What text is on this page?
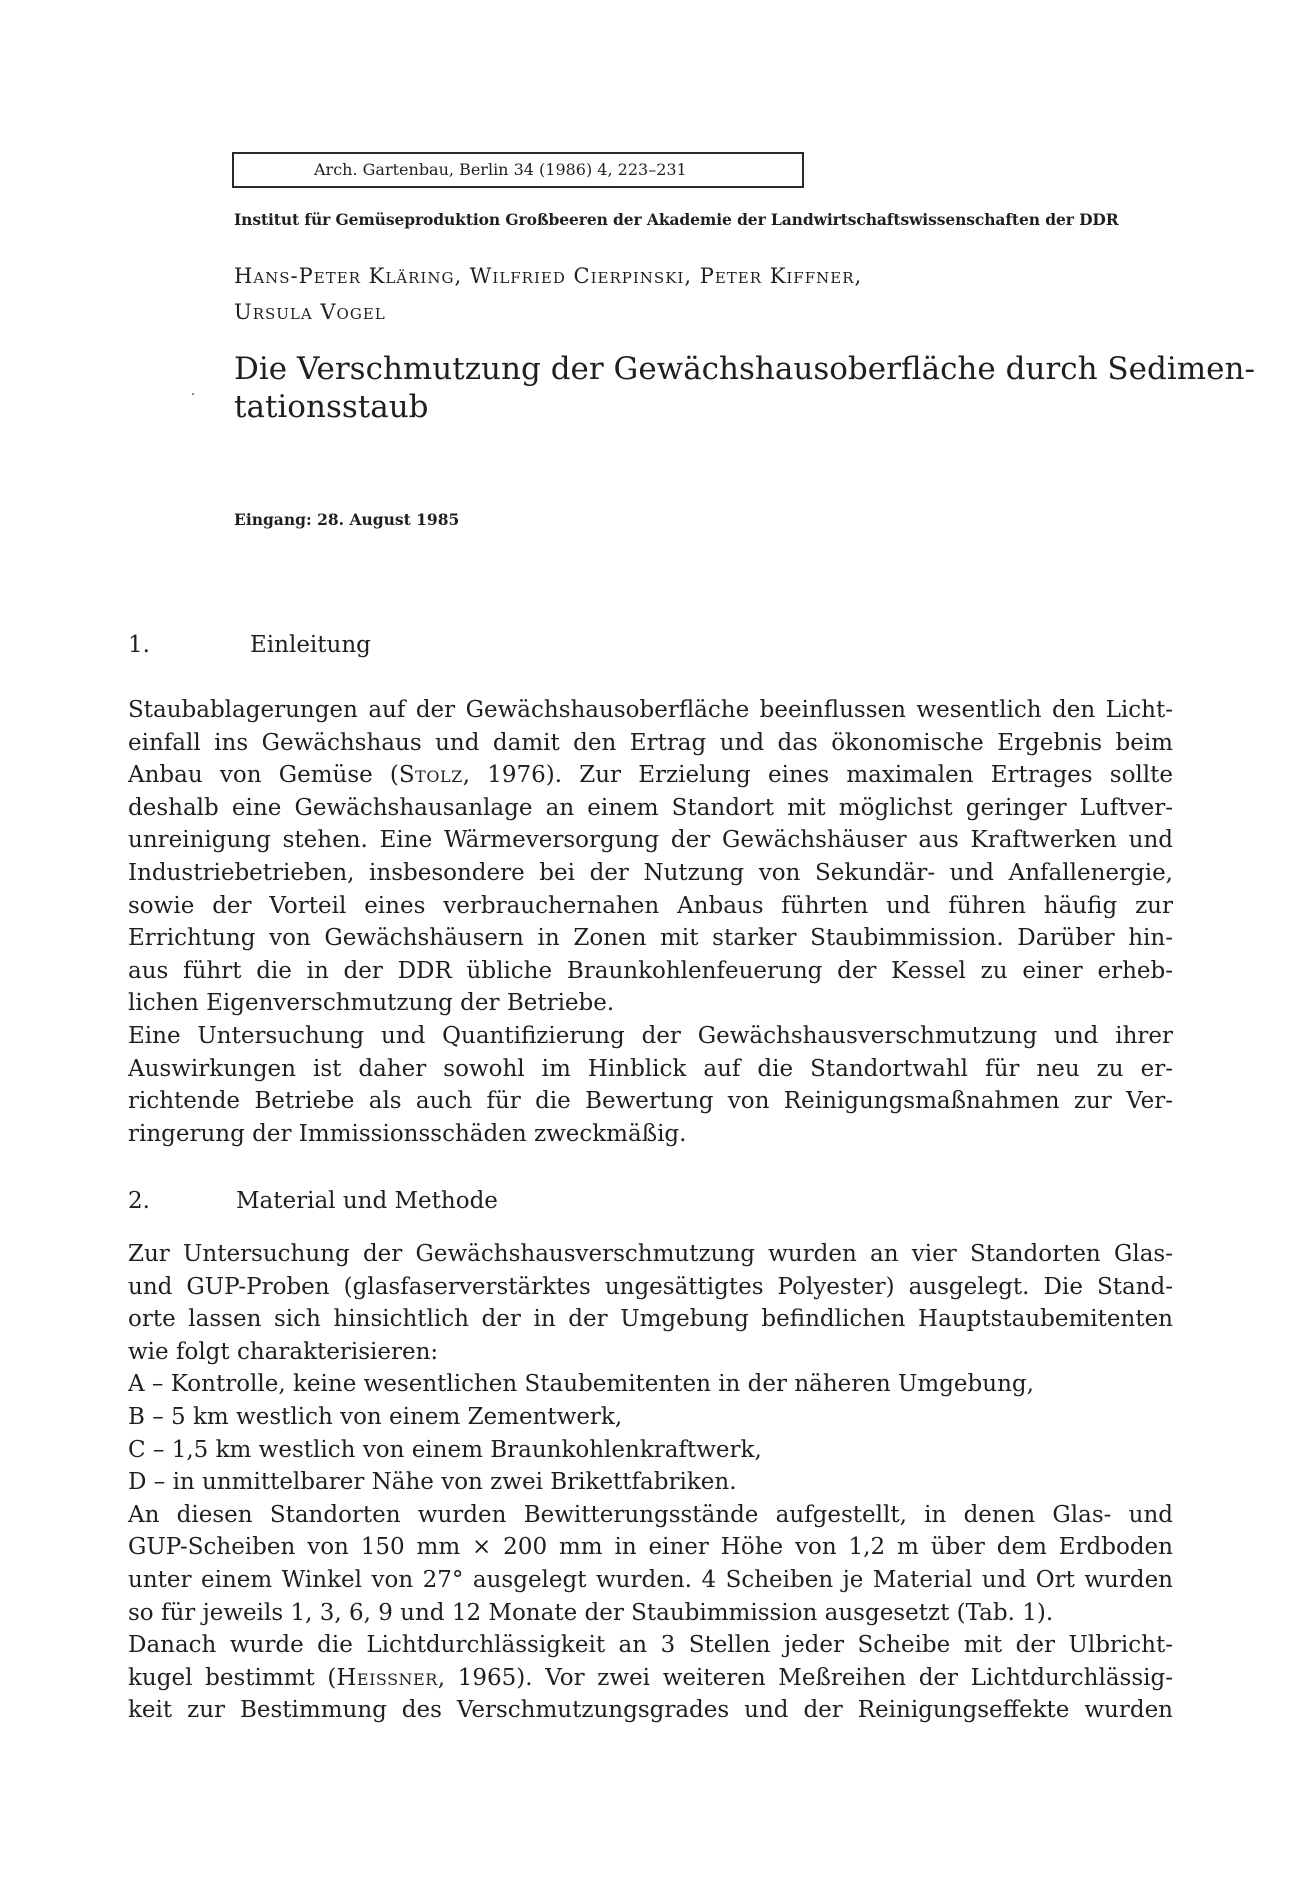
Arch. Gartenbau, Berlin 34 (1986) 4, 223–231
Institut für Gemüseproduktion Großbeeren der Akademie der Landwirtschaftswissenschaften der DDR
Hans-Peter Kläring, Wilfried Cierpinski, Peter Kiffner,
Ursula Vogel
Die Verschmutzung der Gewächshausoberfläche durch Sedimen-
tationsstaub
Eingang: 28. August 1985
1.	Einleitung
Staubablagerungen auf der Gewächshausoberfläche beeinflussen wesentlich den Licht-
einfall ins Gewächshaus und damit den Ertrag und das ökonomische Ergebnis beim
Anbau von Gemüse (Stolz, 1976). Zur Erzielung eines maximalen Ertrages sollte
deshalb eine Gewächshausanlage an einem Standort mit möglichst geringer Luftver-
unreinigung stehen. Eine Wärmeversorgung der Gewächshäuser aus Kraftwerken und
Industriebetrieben, insbesondere bei der Nutzung von Sekundär- und Anfallenergie,
sowie der Vorteil eines verbrauchernahen Anbaus führten und führen häufig zur
Errichtung von Gewächshäusern in Zonen mit starker Staubimmission. Darüber hin-
aus führt die in der DDR übliche Braunkohlenfeuerung der Kessel zu einer erheb-
lichen Eigenverschmutzung der Betriebe.
Eine Untersuchung und Quantifizierung der Gewächshausverschmutzung und ihrer
Auswirkungen ist daher sowohl im Hinblick auf die Standortwahl für neu zu er-
richtende Betriebe als auch für die Bewertung von Reinigungsmaßnahmen zur Ver-
ringerung der Immissionsschäden zweckmäßig.
2.	Material und Methode
Zur Untersuchung der Gewächshausverschmutzung wurden an vier Standorten Glas-
und GUP-Proben (glasfaserverstärktes ungesättigtes Polyester) ausgelegt. Die Stand-
orte lassen sich hinsichtlich der in der Umgebung befindlichen Hauptstaubemitenten
wie folgt charakterisieren:
A – Kontrolle, keine wesentlichen Staubemitenten in der näheren Umgebung,
B – 5 km westlich von einem Zementwerk,
C – 1,5 km westlich von einem Braunkohlenkraftwerk,
D – in unmittelbarer Nähe von zwei Brikettfabriken.
An diesen Standorten wurden Bewitterungsstände aufgestellt, in denen Glas- und
GUP-Scheiben von 150 mm × 200 mm in einer Höhe von 1,2 m über dem Erdboden
unter einem Winkel von 27° ausgelegt wurden. 4 Scheiben je Material und Ort wurden
so für jeweils 1, 3, 6, 9 und 12 Monate der Staubimmission ausgesetzt (Tab. 1).
Danach wurde die Lichtdurchlässigkeit an 3 Stellen jeder Scheibe mit der Ulbricht-
kugel bestimmt (Heissner, 1965). Vor zwei weiteren Meßreihen der Lichtdurchlässig-
keit zur Bestimmung des Verschmutzungsgrades und der Reinigungseffekte wurden
